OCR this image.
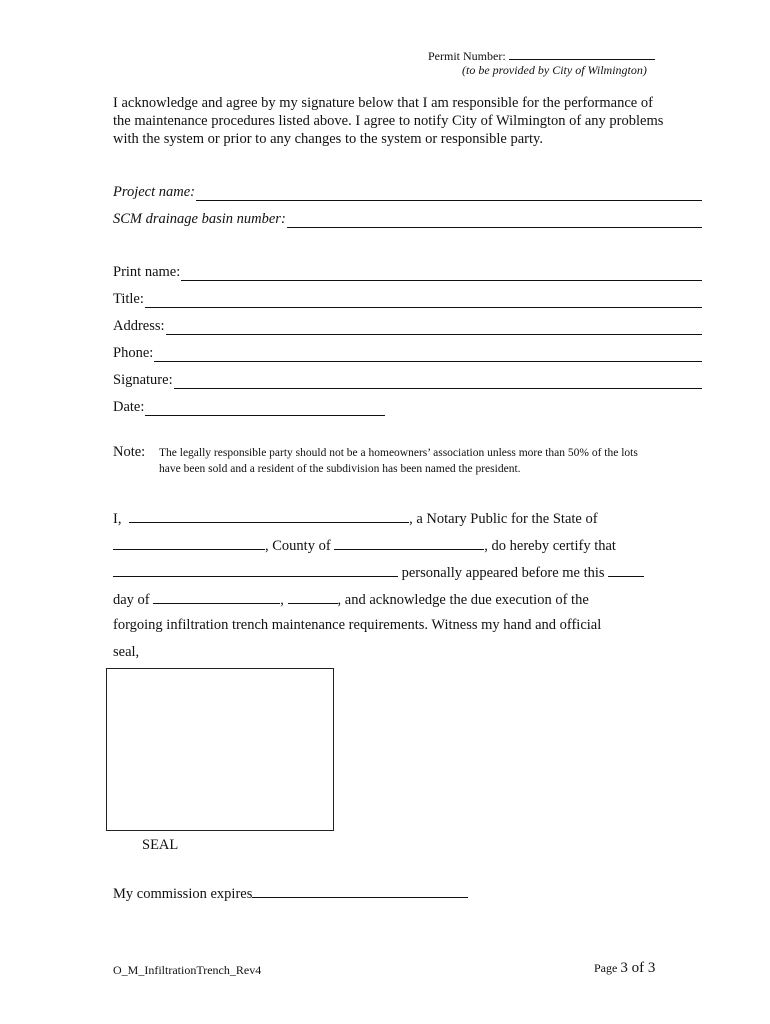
Permit Number:
(to be provided by City of Wilmington)
I acknowledge and agree by my signature below that I am responsible for the performance of the maintenance procedures listed above. I agree to notify City of Wilmington of any problems with the system or prior to any changes to the system or responsible party.
Project name:
SCM drainage basin number:
Print name:
Title:
Address:
Phone:
Signature:
Date:
Note: The legally responsible party should not be a homeowners’ association unless more than 50% of the lots have been sold and a resident of the subdivision has been named the president.
I,	, a Notary Public for the State of
, County of	, do hereby certify that
personally appeared before me this
day of	,	, and acknowledge the due execution of the
forgoing infiltration trench maintenance requirements. Witness my hand and official
seal,
SEAL
My commission expires
O_M_InfiltrationTrench_Rev4	Page 3 of 3
